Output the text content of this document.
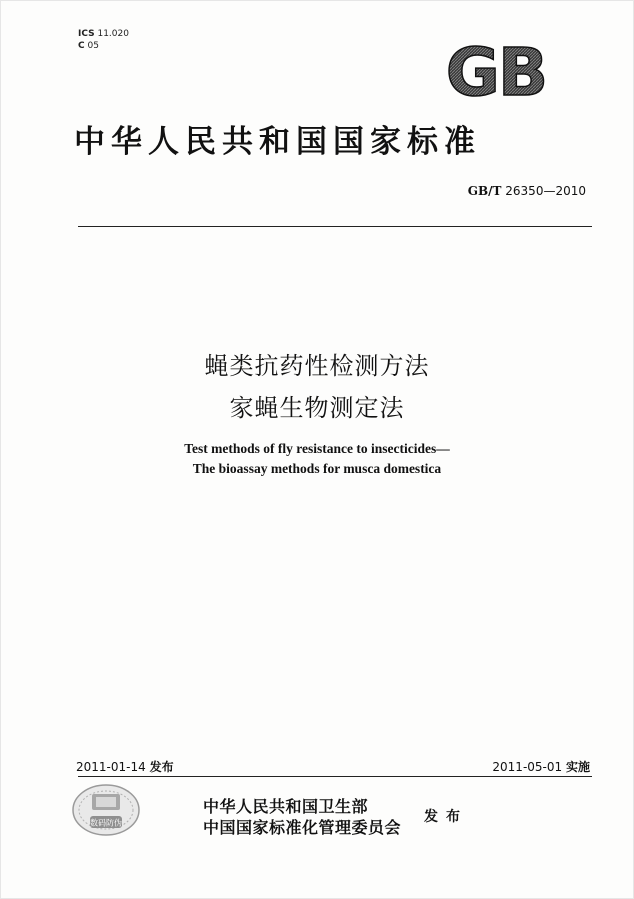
ICS 11.020
C 05	GB
中华人民共和国国家标准
GB/T 26350—2010
蝇类抗药性检测方法
家蝇生物测定法
Test methods of fly resistance to insecticides—
The bioassay methods for musca domestica
2011-01-14 发布	2011-05-01 实施
数码防伪
中华人民共和国卫生部
中国国家标准化管理委员会
发布
